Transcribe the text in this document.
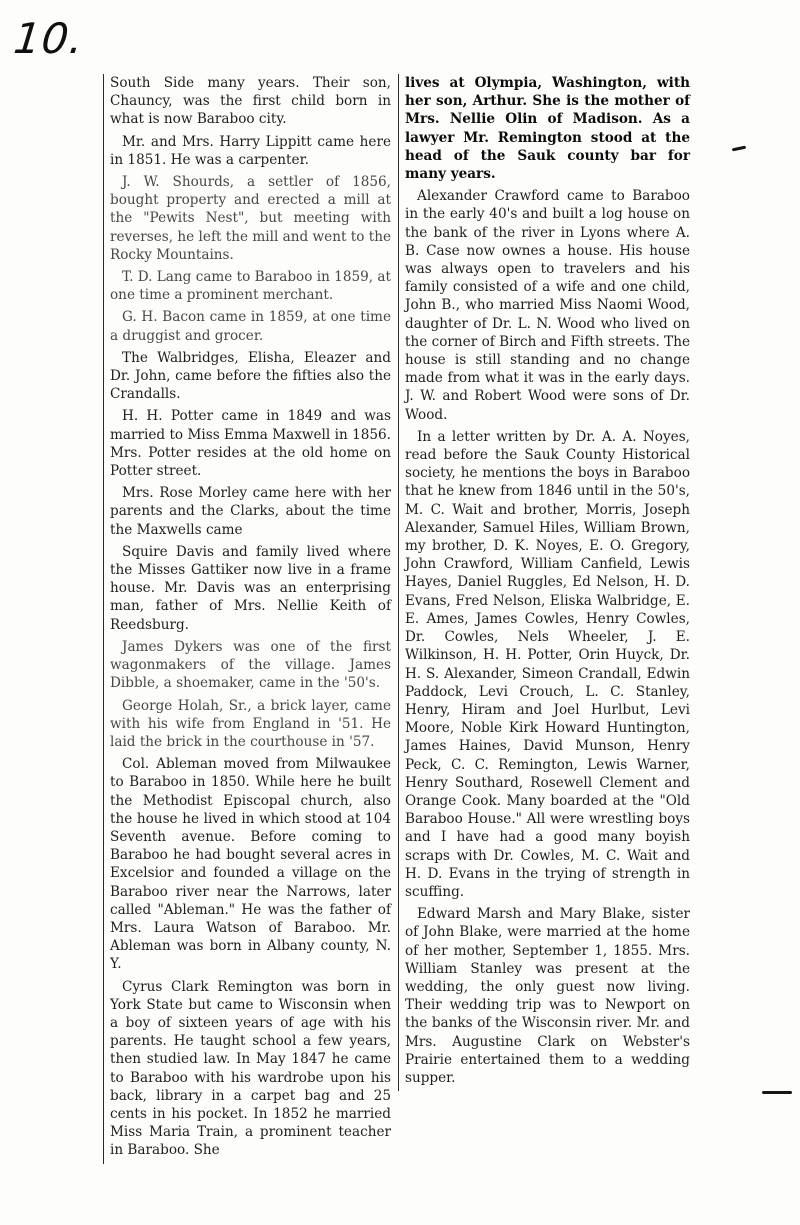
10.

South Side many years. Their son, Chauncy, was the first child born in what is now Baraboo city.

Mr. and Mrs. Harry Lippitt came here in 1851. He was a carpenter.

J. W. Shourds, a settler of 1856, bought property and erected a mill at the "Pewits Nest", but meeting with reverses, he left the mill and went to the Rocky Mountains.

T. D. Lang came to Baraboo in 1859, at one time a prominent merchant.

G. H. Bacon came in 1859, at one time a druggist and grocer.

The Walbridges, Elisha, Eleazer and Dr. John, came before the fifties also the Crandalls.

H. H. Potter came in 1849 and was married to Miss Emma Maxwell in 1856. Mrs. Potter resides at the old home on Potter street.

Mrs. Rose Morley came here with her parents and the Clarks, about the time the Maxwells came

Squire Davis and family lived where the Misses Gattiker now live in a frame house. Mr. Davis was an enterprising man, father of Mrs. Nellie Keith of Reedsburg.

James Dykers was one of the first wagonmakers of the village. James Dibble, a shoemaker, came in the '50's.

George Holah, Sr., a brick layer, came with his wife from England in '51. He laid the brick in the courthouse in '57.

Col. Ableman moved from Milwaukee to Baraboo in 1850. While here he built the Methodist Episcopal church, also the house he lived in which stood at 104 Seventh avenue. Before coming to Baraboo he had bought several acres in Excelsior and founded a village on the Baraboo river near the Narrows, later called "Ableman." He was the father of Mrs. Laura Watson of Baraboo. Mr. Ableman was born in Albany county, N. Y.

Cyrus Clark Remington was born in York State but came to Wisconsin when a boy of sixteen years of age with his parents. He taught school a few years, then studied law. In May 1847 he came to Baraboo with his wardrobe upon his back, library in a carpet bag and 25 cents in his pocket. In 1852 he married Miss Maria Train, a prominent teacher in Baraboo. She

lives at Olympia, Washington, with her son, Arthur. She is the mother of Mrs. Nellie Olin of Madison. As a lawyer Mr. Remington stood at the head of the Sauk county bar for many years.

Alexander Crawford came to Baraboo in the early 40's and built a log house on the bank of the river in Lyons where A. B. Case now ownes a house. His house was always open to travelers and his family consisted of a wife and one child, John B., who married Miss Naomi Wood, daughter of Dr. L. N. Wood who lived on the corner of Birch and Fifth streets. The house is still standing and no change made from what it was in the early days. J. W. and Robert Wood were sons of Dr. Wood.

In a letter written by Dr. A. A. Noyes, read before the Sauk County Historical society, he mentions the boys in Baraboo that he knew from 1846 until in the 50's, M. C. Wait and brother, Morris, Joseph Alexander, Samuel Hiles, William Brown, my brother, D. K. Noyes, E. O. Gregory, John Crawford, William Canfield, Lewis Hayes, Daniel Ruggles, Ed Nelson, H. D. Evans, Fred Nelson, Eliska Walbridge, E. E. Ames, James Cowles, Henry Cowles, Dr. Cowles, Nels Wheeler, J. E. Wilkinson, H. H. Potter, Orin Huyck, Dr. H. S. Alexander, Simeon Crandall, Edwin Paddock, Levi Crouch, L. C. Stanley, Henry, Hiram and Joel Hurlbut, Levi Moore, Noble Kirk Howard Huntington, James Haines, David Munson, Henry Peck, C. C. Remington, Lewis Warner, Henry Southard, Rosewell Clement and Orange Cook. Many boarded at the "Old Baraboo House." All were wrestling boys and I have had a good many boyish scraps with Dr. Cowles, M. C. Wait and H. D. Evans in the trying of strength in scuffing.

Edward Marsh and Mary Blake, sister of John Blake, were married at the home of her mother, September 1, 1855. Mrs. William Stanley was present at the wedding, the only guest now living. Their wedding trip was to Newport on the banks of the Wisconsin river. Mr. and Mrs. Augustine Clark on Webster's Prairie entertained them to a wedding supper.
